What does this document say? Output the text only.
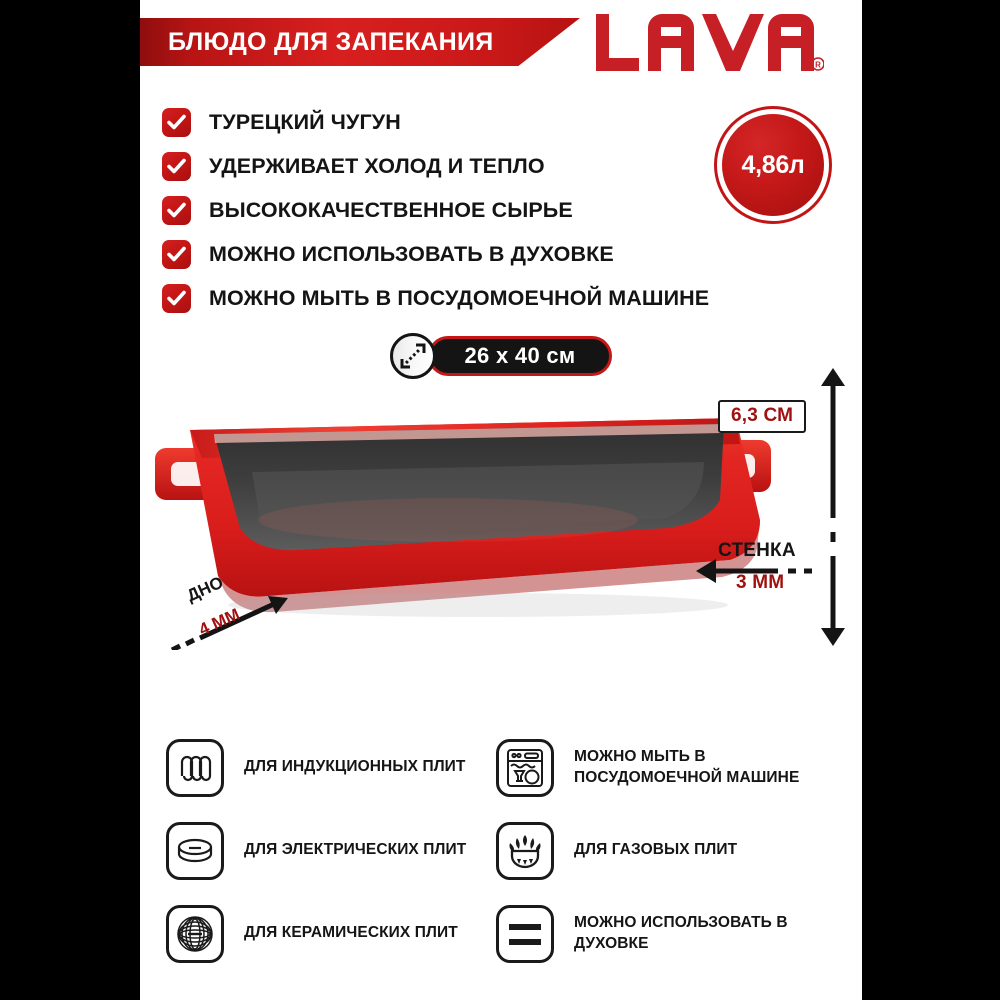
БЛЮДО ДЛЯ ЗАПЕКАНИЯ
R
ТУРЕЦКИЙ ЧУГУН
УДЕРЖИВАЕТ ХОЛОД И ТЕПЛО
ВЫСОКОКАЧЕСТВЕННОЕ СЫРЬЕ
МОЖНО ИСПОЛЬЗОВАТЬ В ДУХОВКЕ
МОЖНО МЫТЬ В ПОСУДОМОЕЧНОЙ МАШИНЕ
4,86л
26 x 40 см
6,3 СМ
СТЕНКА
3 ММ
ДНО
4 ММ
ДЛЯ ИНДУКЦИОННЫХ ПЛИТ
ДЛЯ ЭЛЕКТРИЧЕСКИХ ПЛИТ
ДЛЯ КЕРАМИЧЕСКИХ ПЛИТ
МОЖНО МЫТЬ В ПОСУДОМОЕЧНОЙ МАШИНЕ
ДЛЯ ГАЗОВЫХ ПЛИТ
МОЖНО ИСПОЛЬЗОВАТЬ В ДУХОВКЕ
